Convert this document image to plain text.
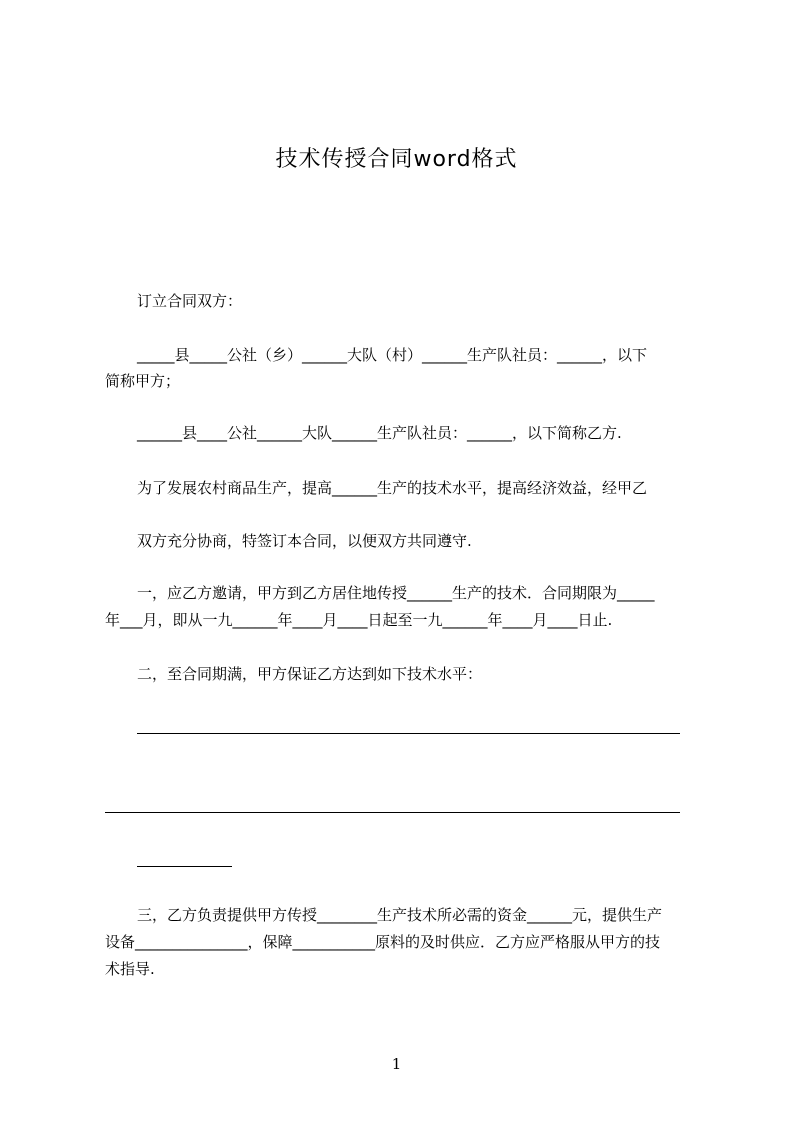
技术传授合同word格式
订立合同双方：
_____县_____公社（乡）______大队（村）______生产队社员：______，以下
简称甲方；
______县____公社______大队______生产队社员：______，以下简称乙方.
为了发展农村商品生产，提高______生产的技术水平，提高经济效益，经甲乙
双方充分协商，特签订本合同，以便双方共同遵守.
一，应乙方邀请，甲方到乙方居住地传授______生产的技术．合同期限为_____
年___月，即从一九______年____月____日起至一九______年____月____日止.
二，至合同期满，甲方保证乙方达到如下技术水平：
三，乙方负责提供甲方传授________生产技术所必需的资金______元，提供生产
设备_______________，保障___________原料的及时供应．乙方应严格服从甲方的技
术指导.
1
